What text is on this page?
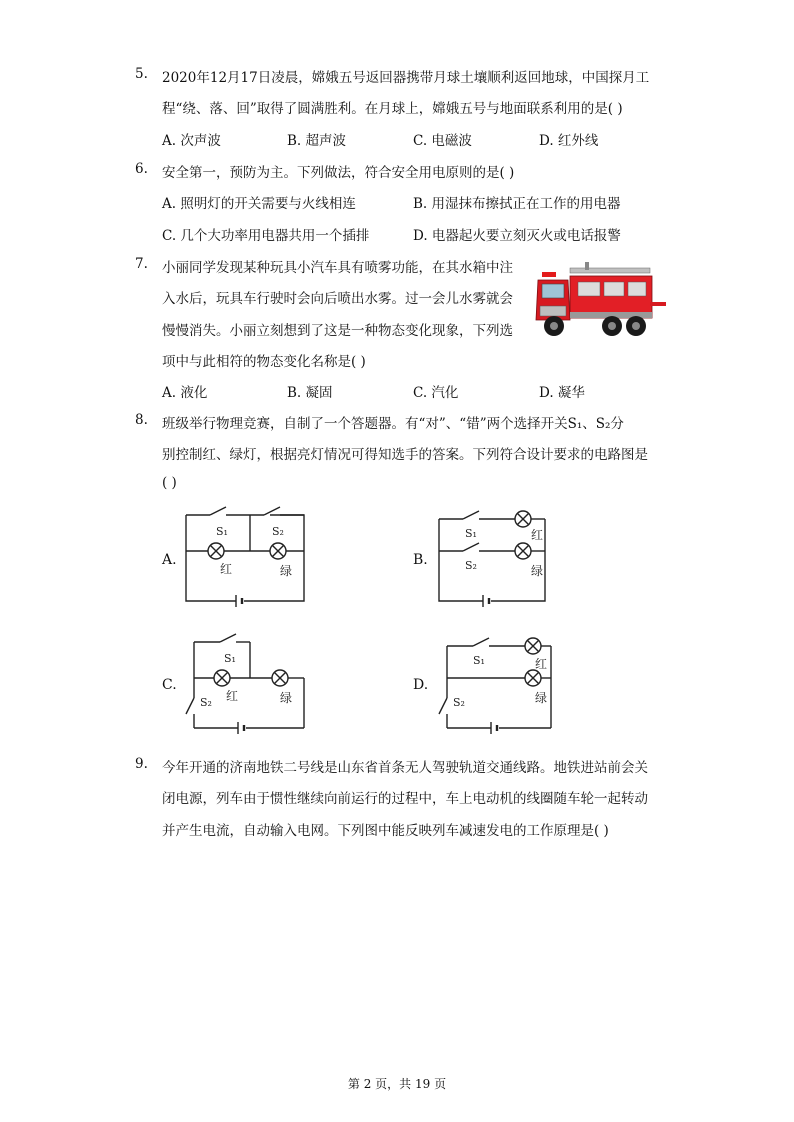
5. 2020年12月17日凌晨，嫦娥五号返回器携带月球土壤顺利返回地球，中国探月工
程“绕、落、回”取得了圆满胜利。在月球上，嫦娥五号与地面联系利用的是( )
A. 次声波	B. 超声波	C. 电磁波	D. 红外线
6. 安全第一，预防为主。下列做法，符合安全用电原则的是( )
A. 照明灯的开关需要与火线相连	B. 用湿抹布擦拭正在工作的用电器
C. 几个大功率用电器共用一个插排	D. 电器起火要立刻灭火或电话报警
7. 小丽同学发现某种玩具小汽车具有喷雾功能，在其水箱中注
入水后，玩具车行驶时会向后喷出水雾。过一会儿水雾就会
慢慢消失。小丽立刻想到了这是一种物态变化现象，下列选
项中与此相符的物态变化名称是( )
A. 液化	B. 凝固	C. 汽化	D. 凝华
8. 班级举行物理竞赛，自制了一个答题器。有“对”、“错”两个选择开关S₁、S₂分
别控制红、绿灯，根据亮灯情况可得知选手的答案。下列符合设计要求的电路图是
( )
A.	B.
C.	D.
S₁	S₂
红	绿
S₁
S₂
红
绿
S₁
S₂ 红	绿
S₁
S₂
红
绿
9. 今年开通的济南地铁二号线是山东省首条无人驾驶轨道交通线路。地铁进站前会关
闭电源，列车由于惯性继续向前运行的过程中，车上电动机的线圈随车轮一起转动
并产生电流，自动输入电网。下列图中能反映列车减速发电的工作原理是( )
第 2 页，共 19 页
